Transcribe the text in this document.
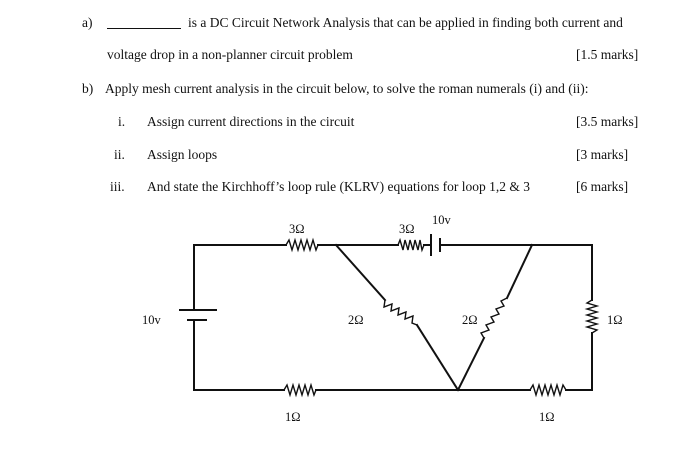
a)	is a DC Circuit Network Analysis that can be applied in finding both current and
voltage drop in a non-planner circuit problem	[1.5 marks]
b) Apply mesh current analysis in the circuit below, to solve the roman numerals (i) and (ii):
i. Assign current directions in the circuit	[3.5 marks]
ii. Assign loops	[3 marks]
iii. And state the Kirchhoff’s loop rule (KLRV) equations for loop 1,2 & 3	[6 marks]
3Ω	3Ω
10v
10v	2Ω	2Ω	1Ω
1Ω	1Ω
